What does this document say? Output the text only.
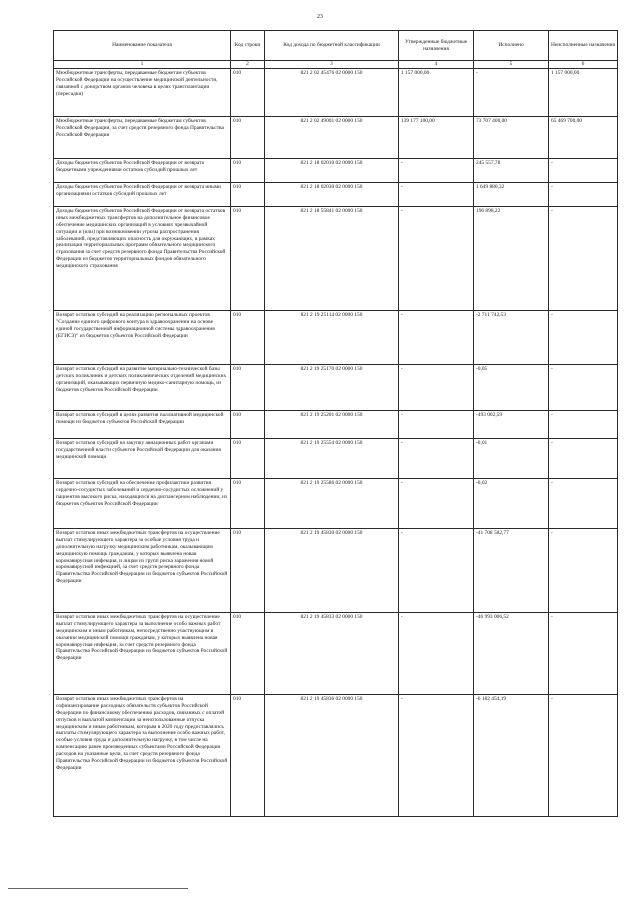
23
Наименование показателя	Код строки	Код дохода по бюджетной классификации	Утвержденные бюджетные назначения	Исполнено	Неисполненные назначения
1	2	3	4	5	6
Межбюджетные трансферты, передаваемые бюджетам субъектов Российской Федерации на осуществление медицинской деятельности, связанной с донорством органов человека в целях трансплантации (пересадки)	010	821 2 02 45476 02 0000 150	1 157 000,00	-	1 157 000,00
Межбюджетные трансферты, передаваемые бюджетам субъектов Российской Федерации, за счет средств резервного фонда Правительства Российской Федерации	010	821 2 02 49001 02 0000 150	139 177 100,00	73 707 400,00	65 469 700,00
Доходы бюджетов субъектов Российской Федерации от возврата бюджетными учреждениями остатков субсидий прошлых лет	010	821 2 18 02010 02 0000 150	-	245 557,78	-
Доходы бюджетов субъектов Российской Федерации от возврата иными организациями остатков субсидий прошлых лет	010	821 2 18 02030 02 0000 150	-	1 649 880,32	-
Доходы бюджетов субъектов Российской Федерации от возврата остатков иных межбюджетных трансфертов на дополнительное финансовое обеспечение медицинских организаций в условиях чрезвычайной ситуации и (или) при возникновении угрозы распространения заболеваний, представляющих опасность для окружающих, в рамках реализации территориальных программ обязательного медицинского страхования за счет средств резервного фонда Правительства Российской Федерации из бюджетов территориальных фондов обязательного медицинского страхования	010	821 2 18 55841 02 0000 150	-	196 898,22	-
Возврат остатков субсидий на реализацию региональных проектов "Создание единого цифрового контура в здравоохранении на основе единой государственной информационной системы здравоохранения (ЕГИСЗ)" из бюджетов субъектов Российской Федерации	010	821 2 19 25114 02 0000 150	-	-2 711 742,53	-
Возврат остатков субсидий на развитие материально-технической базы детских поликлиник и детских поликлинических отделений медицинских организаций, оказывающих первичную медико-санитарную помощь, из бюджетов субъектов Российской Федерации	010	821 2 19 25170 02 0000 150	-	-0,05	-
Возврат остатков субсидий в целях развития паллиативной медицинской помощи из бюджетов субъектов Российской Федерации	010	821 2 19 25201 02 0000 150	-	-493 002,59	-
Возврат остатков субсидий на закупку авиационных работ органами государственной власти субъектов Российской Федерации для оказания медицинской помощи	010	821 2 19 25554 02 0000 150	-	-0,01	-
Возврат остатков субсидий на обеспечение профилактики развития сердечно-сосудистых заболеваний и сердечно-сосудистых осложнений у пациентов высокого риска, находящихся на диспансерном наблюдении, из бюджетов субъектов Российской Федерации	010	821 2 19 25586 02 0000 150	-	-0,02	-
Возврат остатков иных межбюджетных трансфертов на осуществление выплат стимулирующего характера за особые условия труда и дополнительную нагрузку медицинским работникам, оказывающим медицинскую помощь гражданам, у которых выявлена новая коронавирусная инфекция, и лицам из групп риска заражения новой коронавирусной инфекцией, за счет средств резервного фонда Правительства Российской Федерации из бюджетов субъектов Российской Федерации	010	821 2 19 45830 02 0000 150	-	-41 708 582,77	-
Возврат остатков иных межбюджетных трансфертов на осуществление выплат стимулирующего характера за выполнение особо важных работ медицинским и иным работникам, непосредственно участвующим в оказании медицинской помощи гражданам, у которых выявлена новая коронавирусная инфекция, за счет средств резервного фонда Правительства Российской Федерации из бюджетов субъектов Российской Федерации	010	821 2 19 45833 02 0000 150	-	-46 993 006,52	-
Возврат остатков иных межбюджетных трансфертов на софинансирование расходных обязательств субъектов Российской Федерации по финансовому обеспечению расходов, связанных с оплатой отпусков и выплатой компенсации за неиспользованные отпуска медицинским и иным работникам, которым в 2020 году предоставлялись выплаты стимулирующего характера за выполнение особо важных работ, особые условия труда и дополнительную нагрузку, в том числе на компенсацию ранее произведенных субъектами Российской Федерации расходов на указанные цели, за счет средств резервного фонда Правительства Российской Федерации из бюджетов субъектов Российской Федерации	010	821 2 19 45836 02 0000 150	-	-6 182 454,19	-
